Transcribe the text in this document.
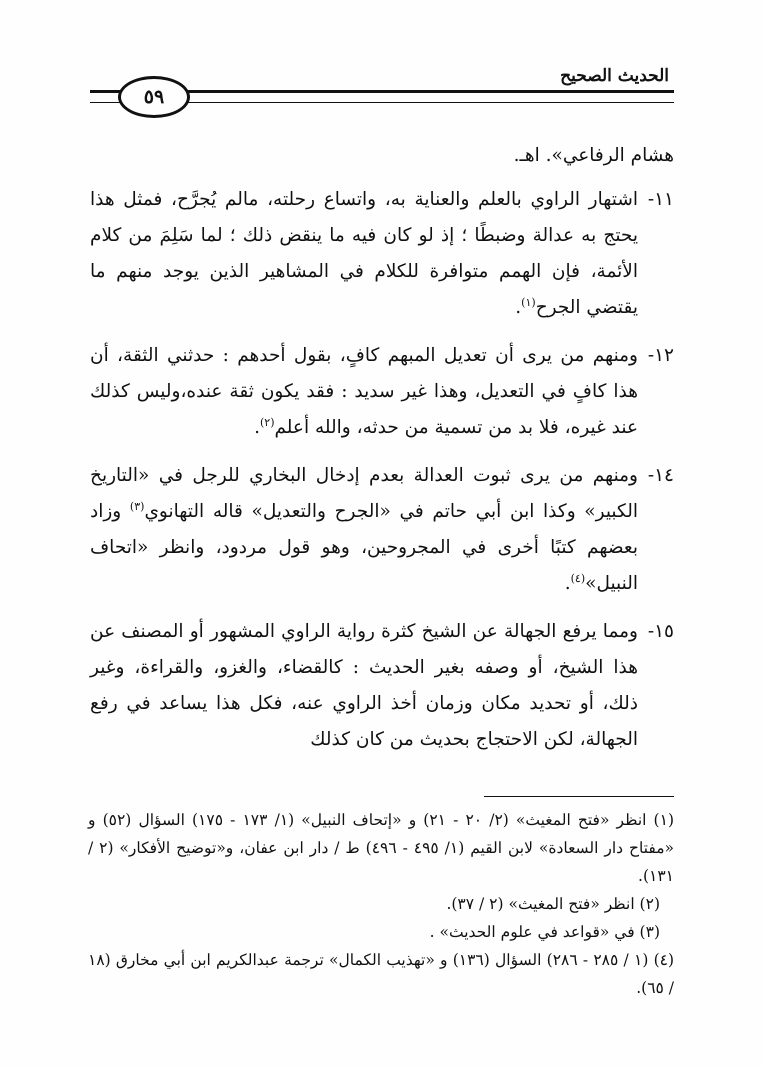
الحديث الصحيح
٥٩

هشام الرفاعي». اهـ.

١١-
اشتهار الراوي بالعلم والعناية به، واتساع رحلته، مالم يُجرَّح، فمثل هذا يحتج به عدالة وضبطًا ؛ إذ لو كان فيه ما ينقض ذلك ؛ لما سَلِمَ من كلام الأئمة، فإن الهمم متوافرة للكلام في المشاهير الذين يوجد منهم ما يقتضي الجرح$^{(١)}$.
١٢-
ومنهم من يرى أن تعديل المبهم كافٍ، بقول أحدهم : حدثني الثقة، أن هذا كافٍ في التعديل، وهذا غير سديد : فقد يكون ثقة عنده،وليس كذلك عند غيره، فلا بد من تسمية من حدثه، والله أعلم$^{(٢)}$.
١٤-
ومنهم من يرى ثبوت العدالة بعدم إدخال البخاري للرجل في «التاريخ الكبير» وكذا ابن أبي حاتم في «الجرح والتعديل» قاله التهانوي$^{(٣)}$ وزاد بعضهم كتبًا أخرى في المجروحين، وهو قول مردود، وانظر «اتحاف النبيل»$^{(٤)}$.
١٥-
ومما يرفع الجهالة عن الشيخ كثرة رواية الراوي المشهور أو المصنف عن هذا الشيخ، أو وصفه بغير الحديث : كالقضاء، والغزو، والقراءة، وغير ذلك، أو تحديد مكان وزمان أخذ الراوي عنه، فكل هذا يساعد في رفع الجهالة، لكن الاحتجاج بحديث من كان كذلك

(١) انظر «فتح المغيث» (٢/ ٢٠ - ٢١) و «إتحاف النبيل» (١/ ١٧٣ - ١٧٥) السؤال (٥٢) و «مفتاح دار السعادة» لابن القيم (١/ ٤٩٥ - ٤٩٦) ط / دار ابن عفان، و«توضيح الأفكار» (٢ / ١٣١).

(٢) انظر «فتح المغيث» (٢ / ٣٧).

(٣) في «قواعد في علوم الحديث» .

(٤) (١ / ٢٨٥ - ٢٨٦) السؤال (١٣٦) و «تهذيب الكمال» ترجمة عبدالكريم ابن أبي مخارق (١٨ / ٦٥).
